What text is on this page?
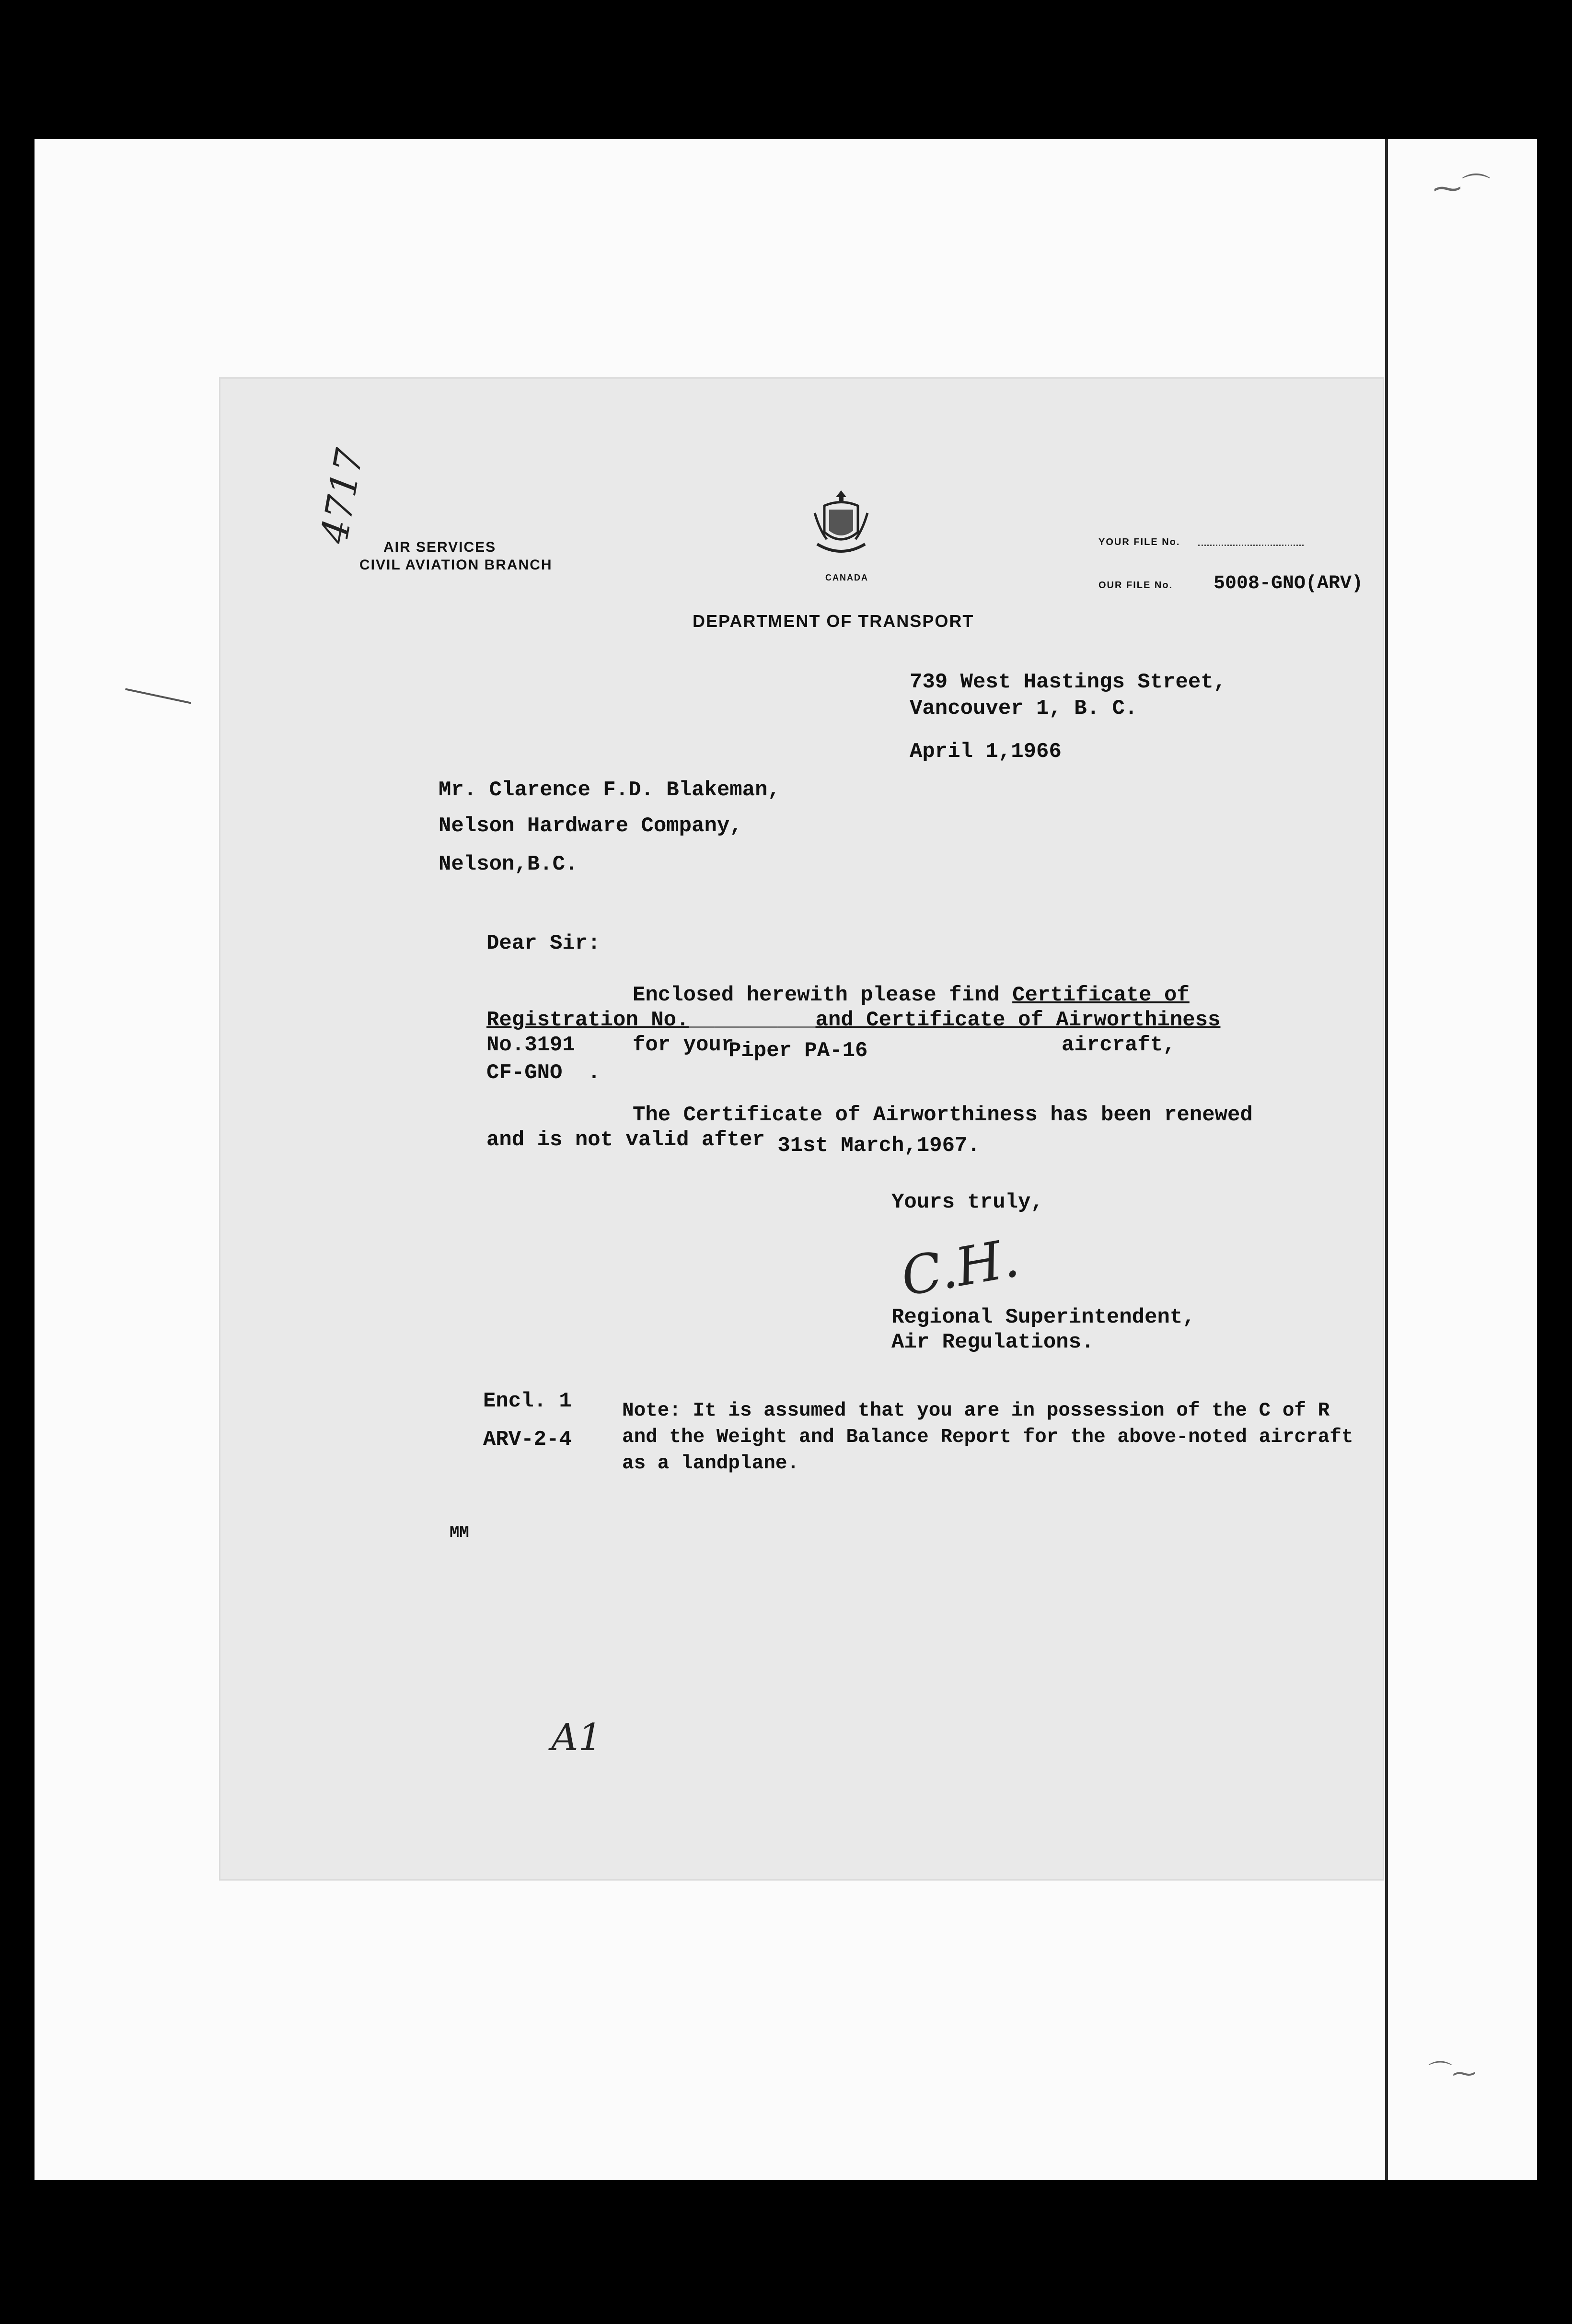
⁓⌒
⌒⁓
AIR SERVICES
CIVIL AVIATION BRANCH
CANADA
DEPARTMENT OF TRANSPORT
YOUR FILE No.
OUR FILE No. 5008-GNO(ARV)
739 West Hastings Street,
Vancouver 1, B. C.
April 1,1966
Mr. Clarence F.D. Blakeman,
Nelson Hardware Company,
Nelson,B.C.
Dear Sir:
Enclosed herewith please find Certificate of
Registration No.__________and Certificate of Airworthiness
No.3191	for your
Piper PA-16	aircraft,
CF-GNO  .
The Certificate of Airworthiness has been renewed
and is not valid after 31st March,1967.
Yours truly,
C.H.
Regional Superintendent,
Air Regulations.
Encl. 1
ARV-2-4
Note: It is assumed that you are in possession of the C of R
and the Weight and Balance Report for the above-noted aircraft
as a landplane.
MM
4717
A1
